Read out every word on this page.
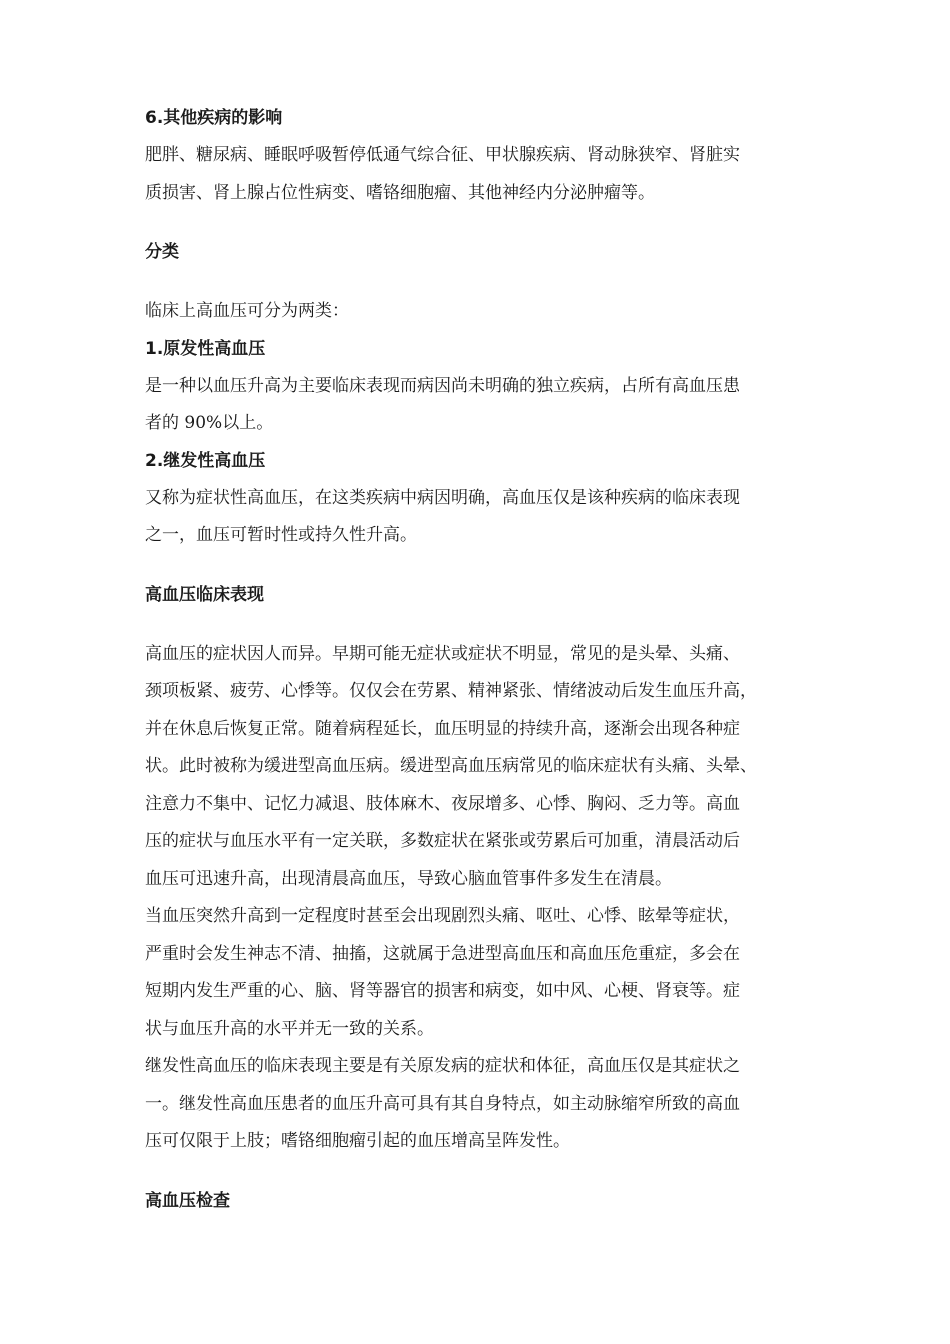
6.其他疾病的影响
肥胖、糖尿病、睡眠呼吸暂停低通气综合征、甲状腺疾病、肾动脉狭窄、肾脏实
质损害、肾上腺占位性病变、嗜铬细胞瘤、其他神经内分泌肿瘤等。
分类
临床上高血压可分为两类：
1.原发性高血压
是一种以血压升高为主要临床表现而病因尚未明确的独立疾病，占所有高血压患
者的 90%以上。
2.继发性高血压
又称为症状性高血压，在这类疾病中病因明确，高血压仅是该种疾病的临床表现
之一，血压可暂时性或持久性升高。
高血压临床表现
高血压的症状因人而异。早期可能无症状或症状不明显，常见的是头晕、头痛、
颈项板紧、疲劳、心悸等。仅仅会在劳累、精神紧张、情绪波动后发生血压升高，
并在休息后恢复正常。随着病程延长，血压明显的持续升高，逐渐会出现各种症
状。此时被称为缓进型高血压病。缓进型高血压病常见的临床症状有头痛、头晕、
注意力不集中、记忆力减退、肢体麻木、夜尿增多、心悸、胸闷、乏力等。高血
压的症状与血压水平有一定关联，多数症状在紧张或劳累后可加重，清晨活动后
血压可迅速升高，出现清晨高血压，导致心脑血管事件多发生在清晨。
当血压突然升高到一定程度时甚至会出现剧烈头痛、呕吐、心悸、眩晕等症状，
严重时会发生神志不清、抽搐，这就属于急进型高血压和高血压危重症，多会在
短期内发生严重的心、脑、肾等器官的损害和病变，如中风、心梗、肾衰等。症
状与血压升高的水平并无一致的关系。
继发性高血压的临床表现主要是有关原发病的症状和体征，高血压仅是其症状之
一。继发性高血压患者的血压升高可具有其自身特点，如主动脉缩窄所致的高血
压可仅限于上肢；嗜铬细胞瘤引起的血压增高呈阵发性。
高血压检查
